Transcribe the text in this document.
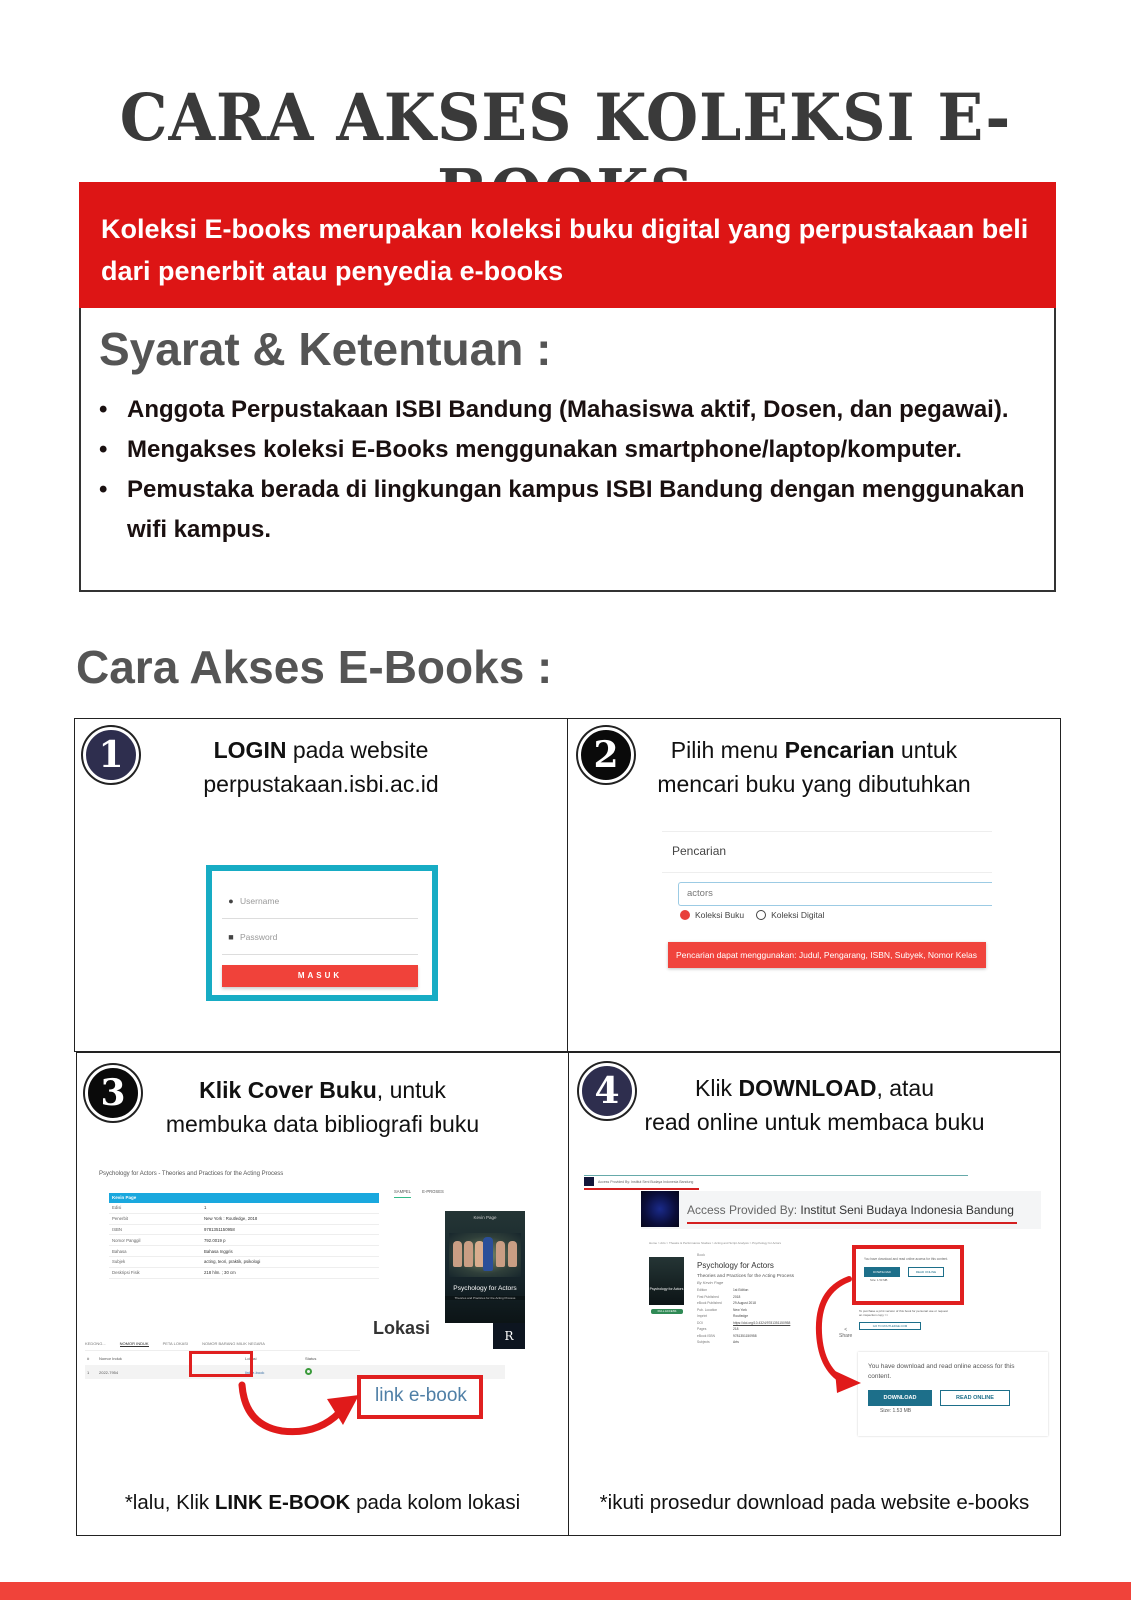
CARA AKSES KOLEKSI E-

Koleksi E-books merupakan koleksi buku digital yang perpustakaan beli dari penerbit atau penyedia e-books

Syarat & Ketentuan :
• Anggota Perpustakaan ISBI Bandung (Mahasiswa aktif, Dosen, dan pegawai).
• Mengakses koleksi E-Books menggunakan smartphone/laptop/komputer.
• Pemustaka berada di lingkungan kampus ISBI Bandung dengan menggunakan wifi kampus.
Cara Akses E-Books :
1	LOGIN pada website
perpustakaan.isbi.ac.id
● Username
■ Password
MASUK
2	Pilih menu Pencarian untuk
mencari buku yang dibutuhkan
Pencarian
actors
Koleksi Buku	Koleksi Digital
Pencarian dapat menggunakan: Judul, Pengarang, ISBN, Subyek, Nomor Kelas
3	Klik Cover Buku, untuk
membuka data bibliografi buku
Psychology for Actors - Theories and Practices for the Acting Process
Kevin Page
Edisi	1
Penerbit	New York : Routledge, 2018
ISBN	9781351150958
Nomor Panggil	792.0019 p
Bahasa	Bahasa Inggris
Subjek	acting, teori, praktik, psikologi
Deskripsi Fisik	218 hlm. ; 30 cm
SAMPEL	E-PROSES
Kevin Page
Psychology for Actors
Theories and Practices for the Acting Process
R
Lokasi
KEDONG...	NOMOR INDUK	PETA LOKASI	NOMOR BARANG MILIK NEGARA
#	Nomor Induk	Lokasi	Status
1	2022-7954	link e-book
link e-book
*lalu, Klik LINK E-BOOK pada kolom lokasi
4	Klik DOWNLOAD, atau
read online untuk membaca buku
Access Provided By: Institut Seni Budaya Indonesia Bandung
Access Provided By: Institut Seni Budaya Indonesia Bandung
Home > Arts > Theatre & Performance Studies > Acting and Script Analysis > Psychology for Actors
Psychology for Actors
FULL ACCESS
Book
Psychology for Actors
Theories and Practices for the Acting Process
By Kevin Page
Edition	1st Edition
First Published	2018
eBook Published	29 August 2018
Pub. Location	New York
Imprint	Routledge
DOI	https://doi.org/10.4324/9781351150958
Pages	218
eBook ISBN	9781351150958
Subjects	Arts
You have download and read online access for this content.
DOWNLOAD	READ ONLINE
Size: 1.53 MB
To purchase a print version of this book for personal use or request an inspection copy >>
GO TO ROUTLEDGE.COM
<
Share
You have download and read online access for this content.
DOWNLOAD	READ ONLINE
Size: 1.53 MB
*ikuti prosedur download pada website e-books
